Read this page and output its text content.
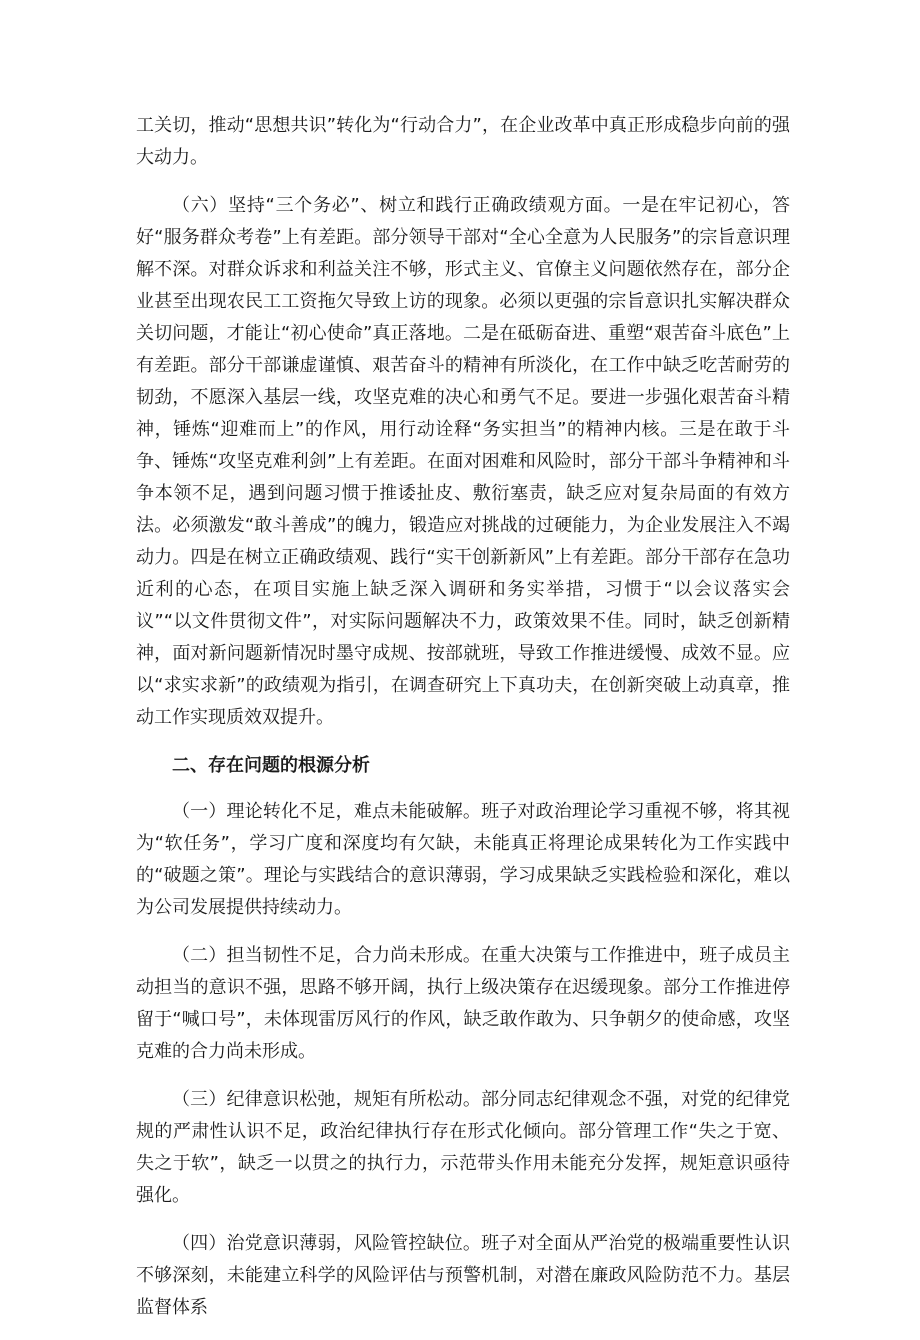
工关切，推动“思想共识”转化为“行动合力”，在企业改革中真正形成稳步向前的强大动力。

（六）坚持“三个务必”、树立和践行正确政绩观方面。一是在牢记初心，答好“服务群众考卷”上有差距。部分领导干部对“全心全意为人民服务”的宗旨意识理解不深。对群众诉求和利益关注不够，形式主义、官僚主义问题依然存在，部分企业甚至出现农民工工资拖欠导致上访的现象。必须以更强的宗旨意识扎实解决群众关切问题，才能让“初心使命”真正落地。二是在砥砺奋进、重塑“艰苦奋斗底色”上有差距。部分干部谦虚谨慎、艰苦奋斗的精神有所淡化，在工作中缺乏吃苦耐劳的韧劲，不愿深入基层一线，攻坚克难的决心和勇气不足。要进一步强化艰苦奋斗精神，锤炼“迎难而上”的作风，用行动诠释“务实担当”的精神内核。三是在敢于斗争、锤炼“攻坚克难利剑”上有差距。在面对困难和风险时，部分干部斗争精神和斗争本领不足，遇到问题习惯于推诿扯皮、敷衍塞责，缺乏应对复杂局面的有效方法。必须激发“敢斗善成”的魄力，锻造应对挑战的过硬能力，为企业发展注入不竭动力。四是在树立正确政绩观、践行“实干创新新风”上有差距。部分干部存在急功近利的心态，在项目实施上缺乏深入调研和务实举措，习惯于“以会议落实会议”“以文件贯彻文件”，对实际问题解决不力，政策效果不佳。同时，缺乏创新精神，面对新问题新情况时墨守成规、按部就班，导致工作推进缓慢、成效不显。应以“求实求新”的政绩观为指引，在调查研究上下真功夫，在创新突破上动真章，推动工作实现质效双提升。

二、存在问题的根源分析

（一）理论转化不足，难点未能破解。班子对政治理论学习重视不够，将其视为“软任务”，学习广度和深度均有欠缺，未能真正将理论成果转化为工作实践中的“破题之策”。理论与实践结合的意识薄弱，学习成果缺乏实践检验和深化，难以为公司发展提供持续动力。

（二）担当韧性不足，合力尚未形成。在重大决策与工作推进中，班子成员主动担当的意识不强，思路不够开阔，执行上级决策存在迟缓现象。部分工作推进停留于“喊口号”，未体现雷厉风行的作风，缺乏敢作敢为、只争朝夕的使命感，攻坚克难的合力尚未形成。

（三）纪律意识松弛，规矩有所松动。部分同志纪律观念不强，对党的纪律党规的严肃性认识不足，政治纪律执行存在形式化倾向。部分管理工作“失之于宽、失之于软”，缺乏一以贯之的执行力，示范带头作用未能充分发挥，规矩意识亟待强化。

（四）治党意识薄弱，风险管控缺位。班子对全面从严治党的极端重要性认识不够深刻，未能建立科学的风险评估与预警机制，对潜在廉政风险防范不力。基层监督体系
